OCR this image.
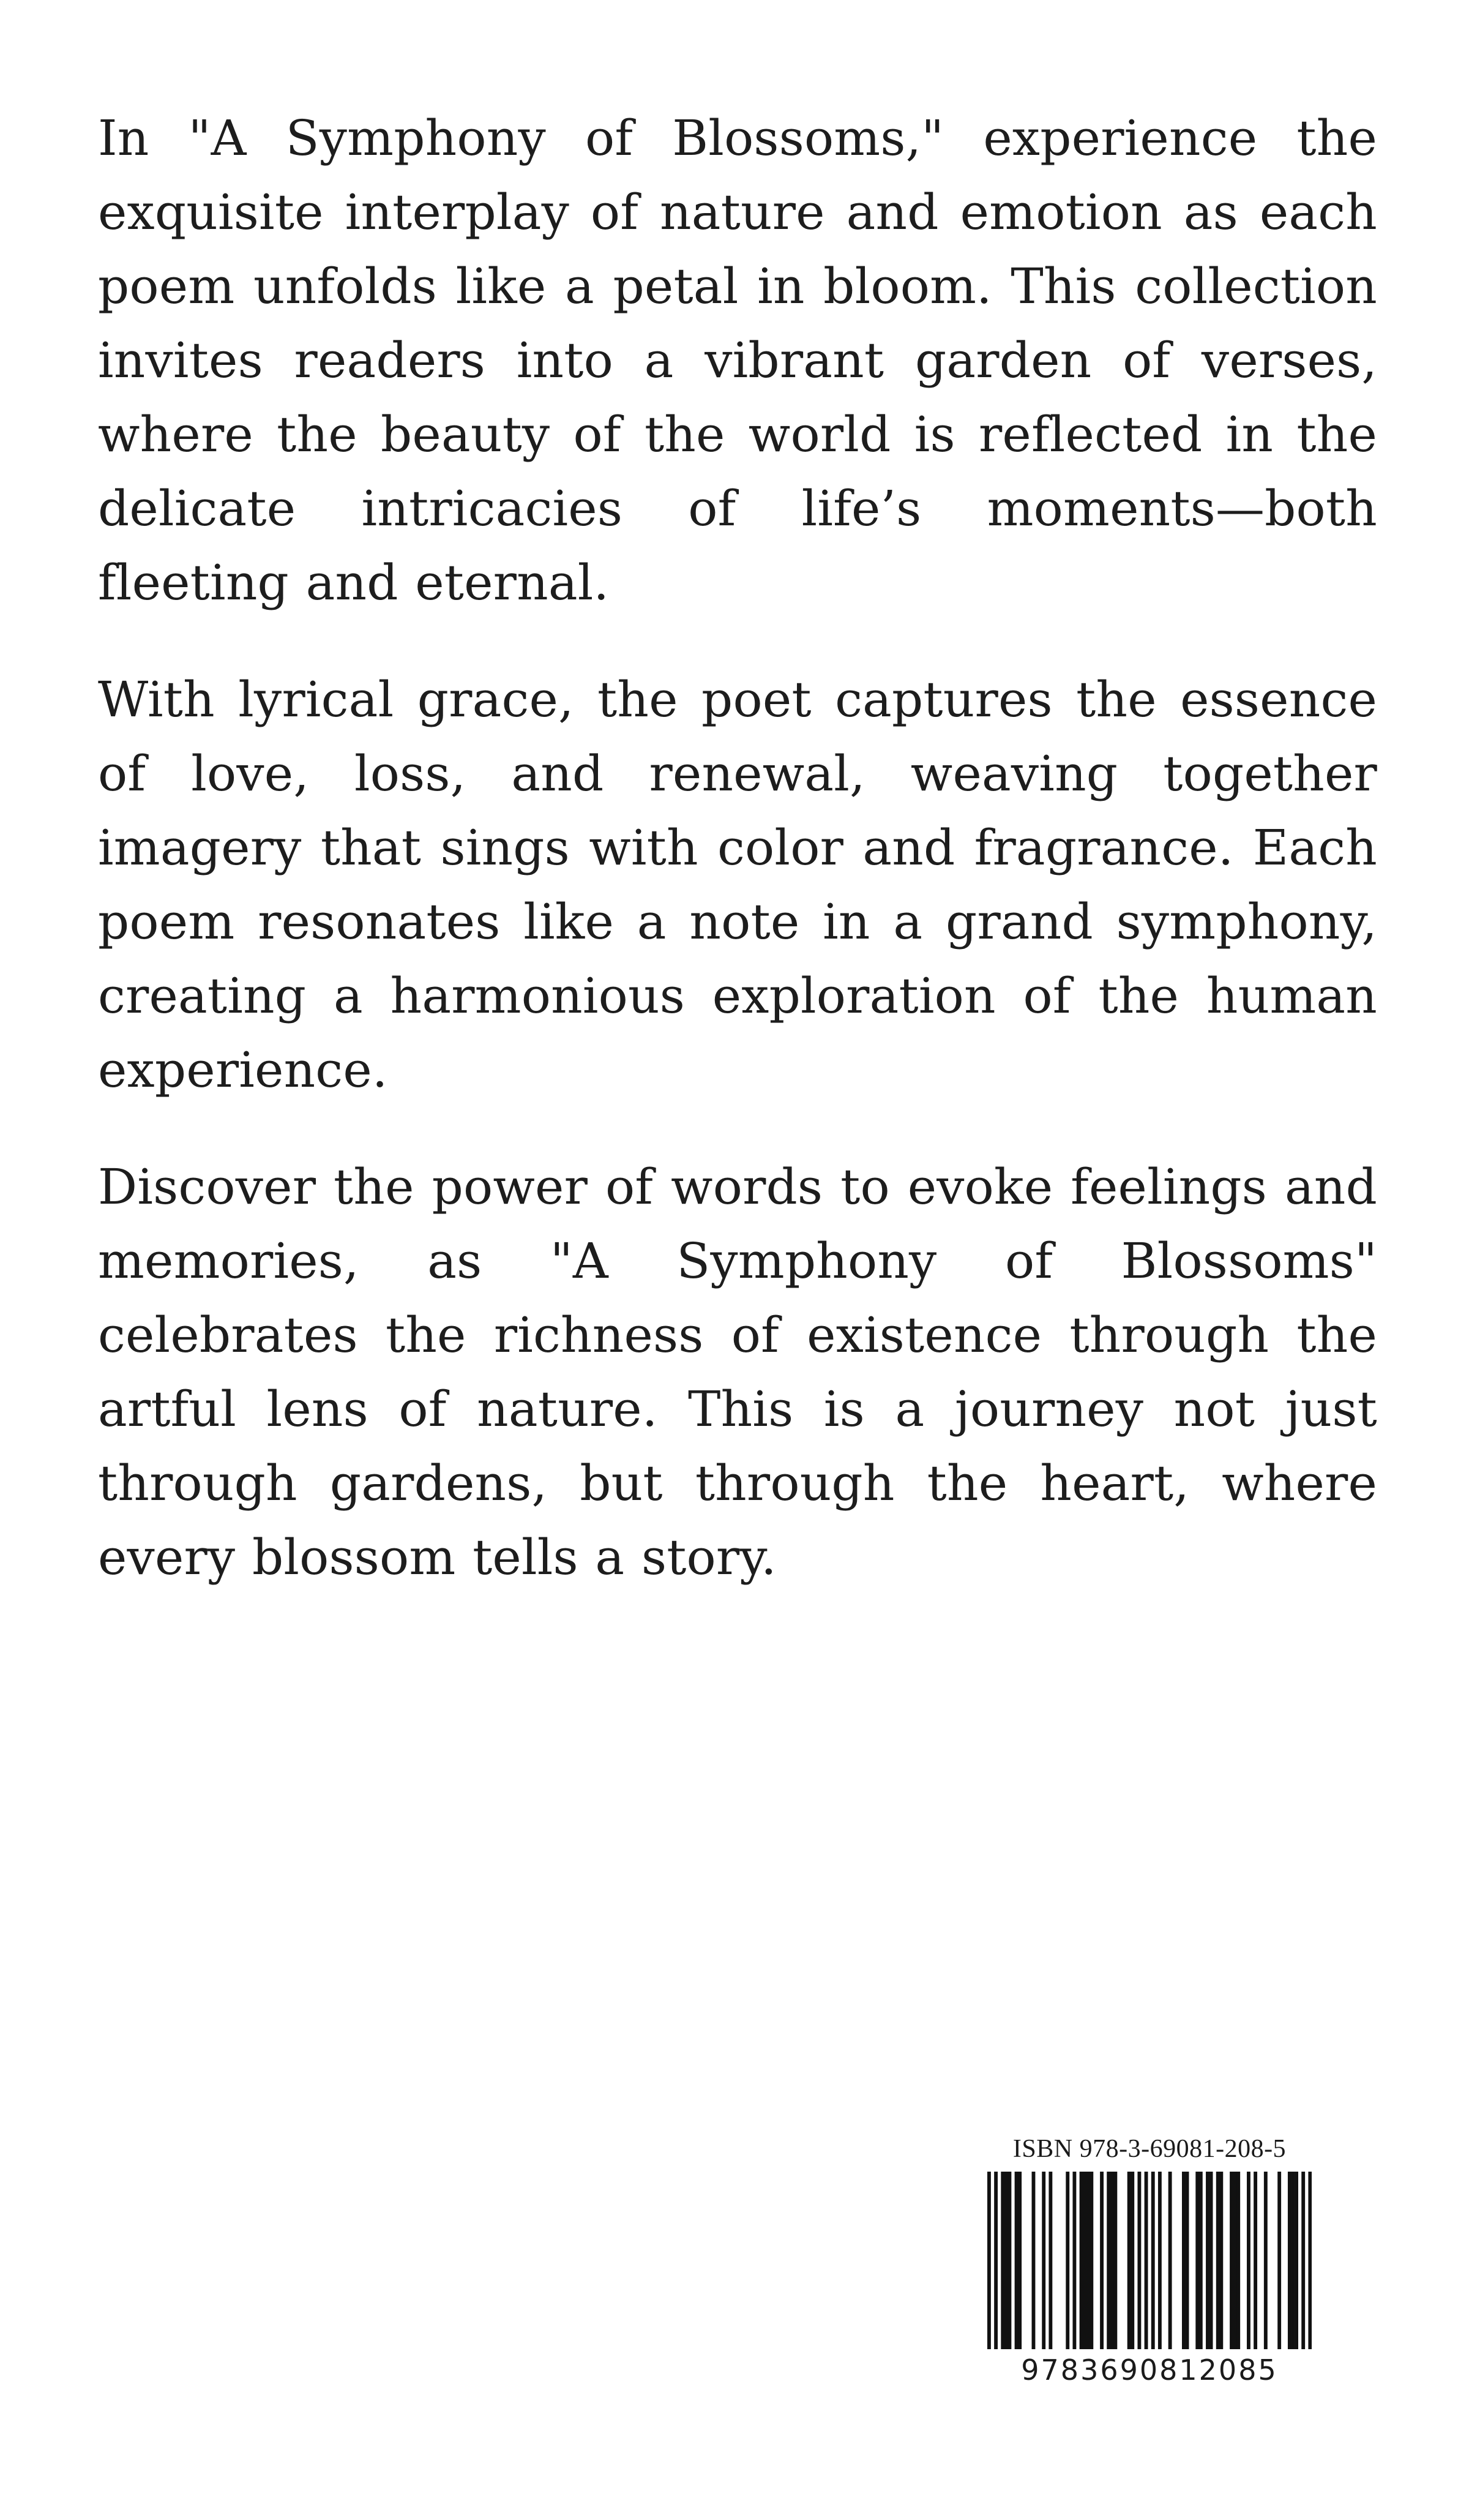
In "A Symphony of Blossoms," experience the exquisite interplay of nature and emotion as each poem unfolds like a petal in bloom. This collection invites readers into a vibrant garden of verses, where the beauty of the world is reflected in the delicate intricacies of life’s moments—both fleeting and eternal.

With lyrical grace, the poet captures the essence of love, loss, and renewal, weaving together imagery that sings with color and fragrance. Each poem resonates like a note in a grand symphony, creating a harmonious exploration of the human experience.

Discover the power of words to evoke feelings and memories, as "A Symphony of Blossoms" celebrates the richness of existence through the artful lens of nature. This is a journey not just through gardens, but through the heart, where every blossom tells a story.

ISBN 978-3-69081-208-5
9783690812085
